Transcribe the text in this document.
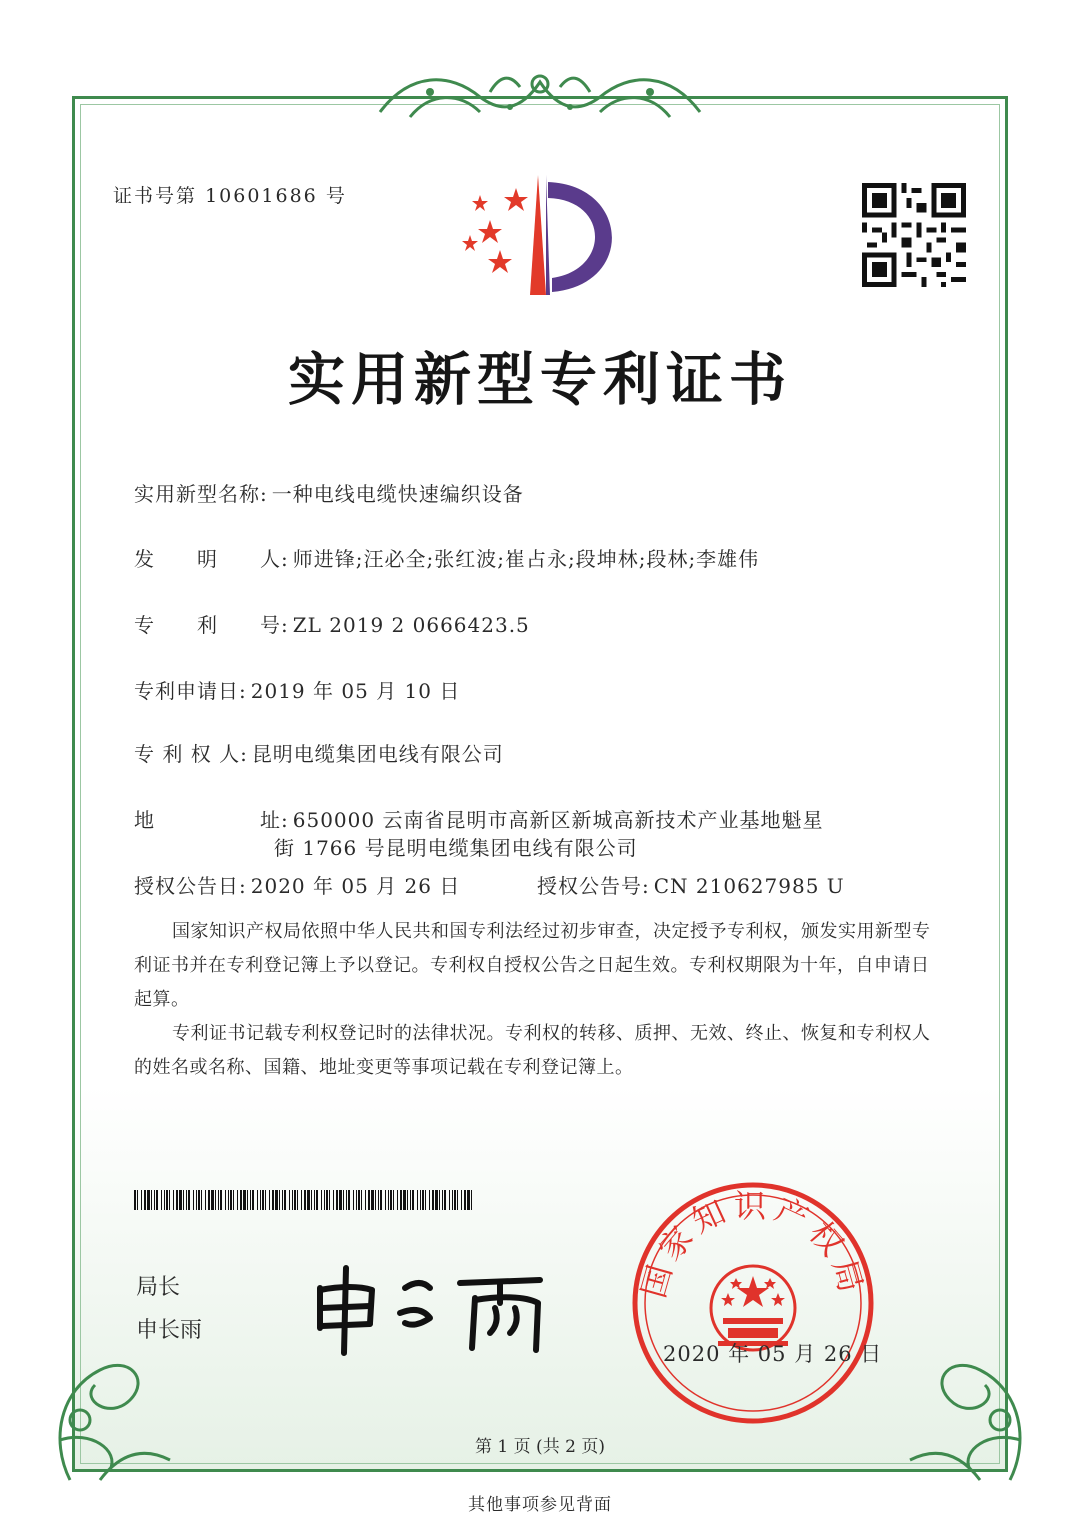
证书号第 10601686 号
实用新型专利证书
实用新型名称: 一种电线电缆快速编织设备
发　　明　　人: 师进锋;汪必全;张红波;崔占永;段坤林;段林;李雄伟
专　　利　　号: ZL 2019 2 0666423.5
专利申请日: 2019 年 05 月 10 日
专 利 权 人: 昆明电缆集团电线有限公司
地　　　　　址: 650000 云南省昆明市高新区新城高新技术产业基地魁星
街 1766 号昆明电缆集团电线有限公司
授权公告日: 2020 年 05 月 26 日	授权公告号: CN 210627985 U
国家知识产权局依照中华人民共和国专利法经过初步审查，决定授予专利权，颁发实用新型专利证书并在专利登记簿上予以登记。专利权自授权公告之日起生效。专利权期限为十年，自申请日起算。
专利证书记载专利权登记时的法律状况。专利权的转移、质押、无效、终止、恢复和专利权人的姓名或名称、国籍、地址变更等事项记载在专利登记簿上。
局长
申长雨
国家知识产权局
2020 年 05 月 26 日
第 1 页 (共 2 页)
其他事项参见背面
